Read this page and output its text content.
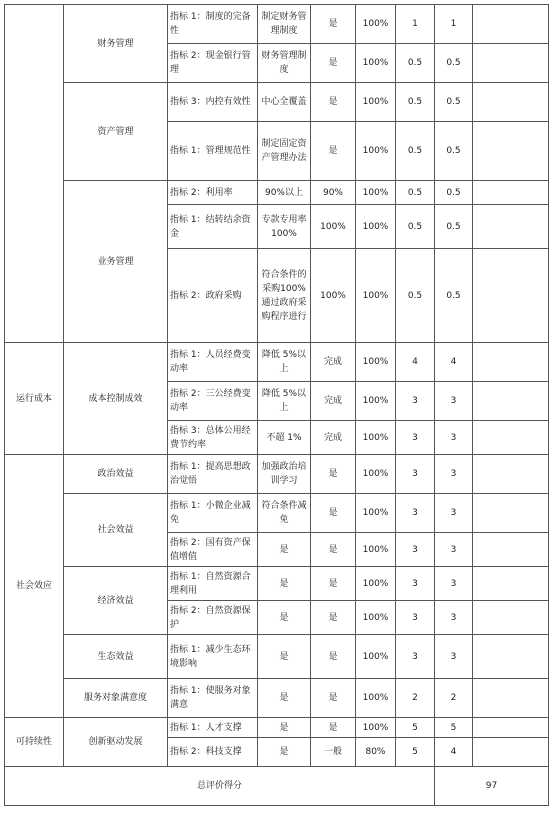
	财务管理	指标 1：制度的完备性	制定财务管理制度	是	100%	1	1	
		指标 2：现金银行管理	财务管理制度	是	100%	0.5	0.5	
	资产管理	指标 3：内控有效性	中心全覆盖	是	100%	0.5	0.5	
		指标 1：管理规范性	制定固定资产管理办法	是	100%	0.5	0.5	
	业务管理	指标 2：利用率	90%以上	90%	100%	0.5	0.5	
		指标 1：结转结余资金	专款专用率 100%	100%	100%	0.5	0.5	
		指标 2：政府采购	符合条件的采购100%通过政府采购程序进行	100%	100%	0.5	0.5	
运行成本	成本控制成效	指标 1：人员经费变动率	降低 5%以上	完成	100%	4	4	
		指标 2：三公经费变动率	降低 5%以上	完成	100%	3	3	
		指标 3：总体公用经费节约率	不超 1%	完成	100%	3	3	
社会效应	政治效益	指标 1：提高思想政治觉悟	加强政治培训学习	是	100%	3	3	
	社会效益	指标 1：小微企业减免	符合条件减免	是	100%	3	3	
		指标 2：国有资产保值增值	是	是	100%	3	3	
	经济效益	指标 1：自然资源合理利用	是	是	100%	3	3	
		指标 2：自然资源保护	是	是	100%	3	3	
	生态效益	指标 1：减少生态环境影响	是	是	100%	3	3	
	服务对象满意度	指标 1：使服务对象满意	是	是	100%	2	2	
可持续性	创新驱动发展	指标 1：人才支撑	是	是	100%	5	5	
		指标 2：科技支撑	是	一般	80%	5	4	
总评价得分							97	
